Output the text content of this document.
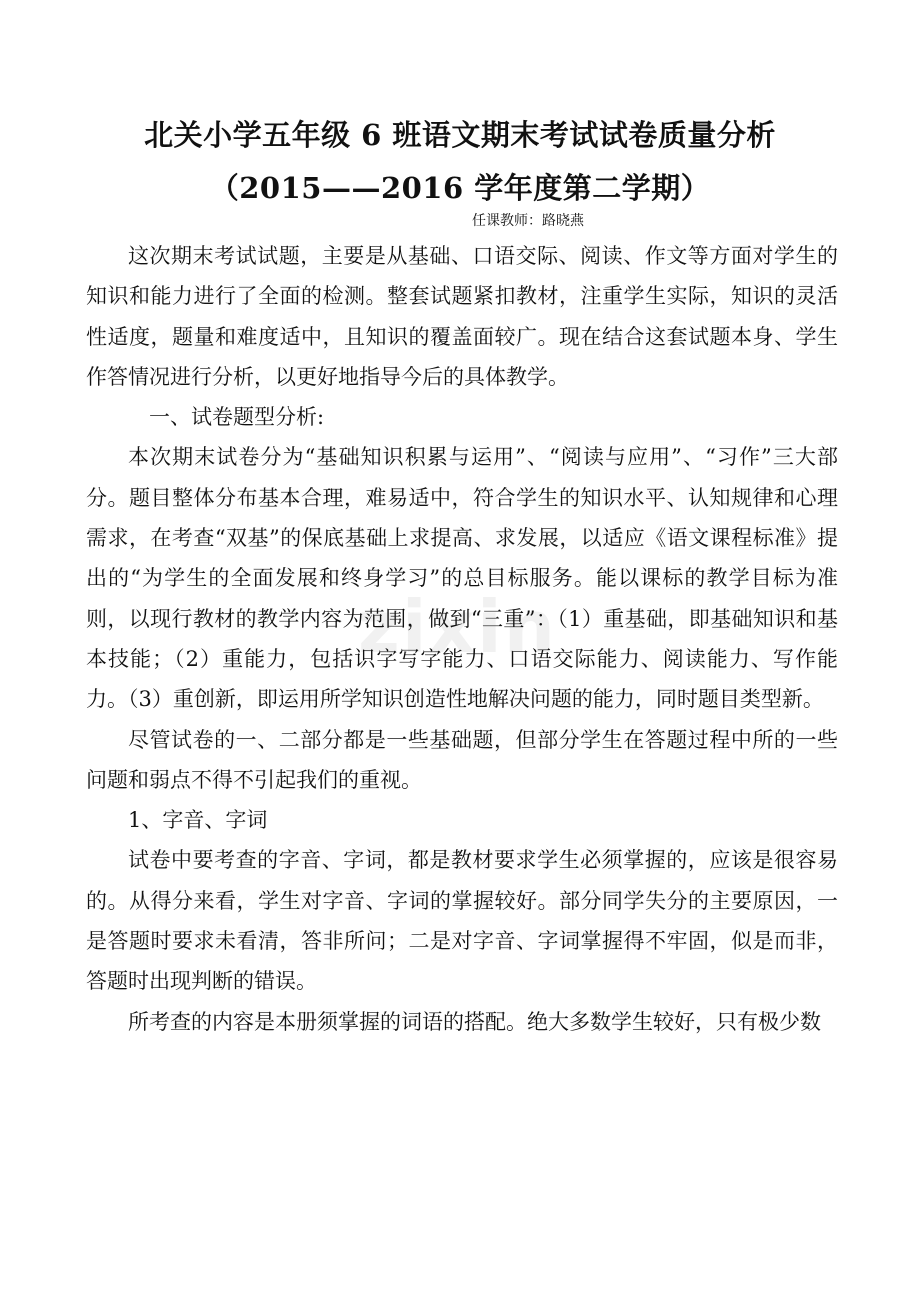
zixin
北关小学五年级 6 班语文期末考试试卷质量分析
（2015——2016 学年度第二学期）
任课教师：路晓燕

这次期末考试试题，主要是从基础、口语交际、阅读、作文等方面对学生的知识和能力进行了全面的检测。整套试题紧扣教材，注重学生实际，知识的灵活性适度，题量和难度适中，且知识的覆盖面较广。现在结合这套试题本身、学生作答情况进行分析，以更好地指导今后的具体教学。

一、试卷题型分析:

本次期末试卷分为“基础知识积累与运用”、“阅读与应用”、“习作”三大部分。题目整体分布基本合理，难易适中，符合学生的知识水平、认知规律和心理需求，在考查“双基”的保底基础上求提高、求发展，以适应《语文课程标准》提出的“为学生的全面发展和终身学习”的总目标服务。能以课标的教学目标为准则，以现行教材的教学内容为范围，做到“三重”：（1）重基础，即基础知识和基本技能；（2）重能力，包括识字写字能力、口语交际能力、阅读能力、写作能力。（3）重创新，即运用所学知识创造性地解决问题的能力，同时题目类型新。

尽管试卷的一、二部分都是一些基础题，但部分学生在答题过程中所的一些问题和弱点不得不引起我们的重视。

1、字音、字词

试卷中要考查的字音、字词，都是教材要求学生必须掌握的，应该是很容易的。从得分来看，学生对字音、字词的掌握较好。部分同学失分的主要原因，一是答题时要求未看清，答非所问；二是对字音、字词掌握得不牢固，似是而非，答题时出现判断的错误。

所考查的内容是本册须掌握的词语的搭配。绝大多数学生较好，只有极少数
